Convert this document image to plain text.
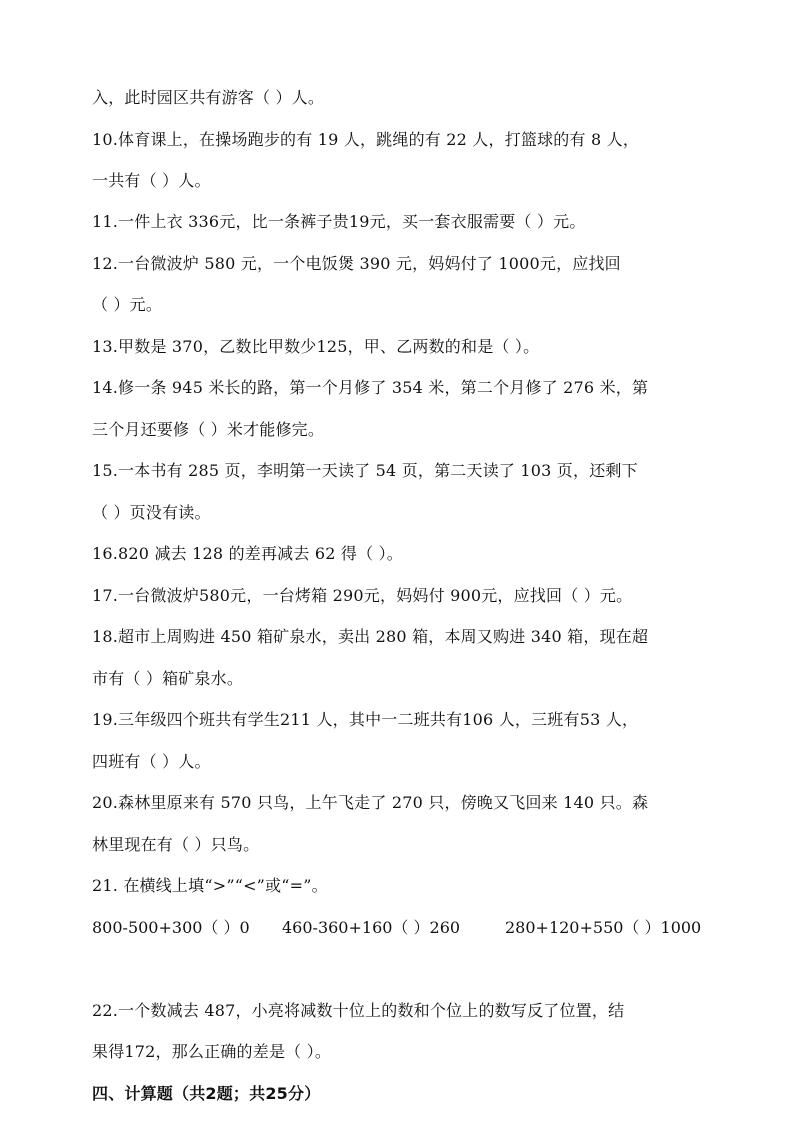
入，此时园区共有游客（ ）人。
10.体育课上，在操场跑步的有 19 人，跳绳的有 22 人，打篮球的有 8 人，
一共有（ ）人。
11.一件上衣 336元，比一条裤子贵19元，买一套衣服需要（ ）元。
12.一台微波炉 580 元，一个电饭煲 390 元，妈妈付了 1000元，应找回
（ ）元。
13.甲数是 370，乙数比甲数少125，甲、乙两数的和是（ ）。
14.修一条 945 米长的路，第一个月修了 354 米，第二个月修了 276 米，第
三个月还要修（ ）米才能修完。
15.一本书有 285 页，李明第一天读了 54 页，第二天读了 103 页，还剩下
（ ）页没有读。
16.820 减去 128 的差再减去 62 得（ ）。
17.一台微波炉580元，一台烤箱 290元，妈妈付 900元，应找回（ ）元。
18.超市上周购进 450 箱矿泉水，卖出 280 箱，本周又购进 340 箱，现在超
市有（ ）箱矿泉水。
19.三年级四个班共有学生211 人，其中一二班共有106 人，三班有53 人，
四班有（ ）人。
20.森林里原来有 570 只鸟，上午飞走了 270 只，傍晚又飞回来 140 只。森
林里现在有（ ）只鸟。
21. 在横线上填“>”“<”或“=”。
800-500+300（ ）0 460-360+160（ ）260	280+120+550（ ）1000
22.一个数减去 487，小亮将减数十位上的数和个位上的数写反了位置，结
果得172，那么正确的差是（ ）。
四、计算题（共2题；共25分）
